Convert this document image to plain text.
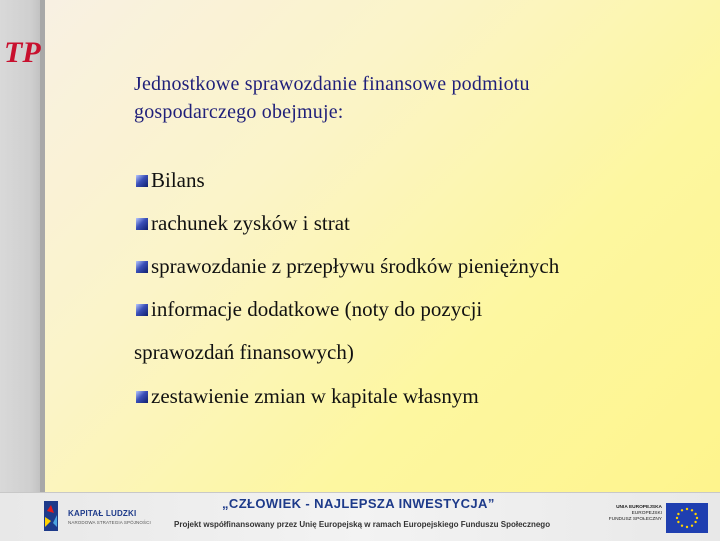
TP

Jednostkowe sprawozdanie finansowe podmiotu
gospodarczego obejmuje:

Bilans
rachunek zysków i strat
sprawozdanie z przepływu środków pieniężnych
informacje dodatkowe (noty do pozycji
sprawozdań finansowych)
zestawienie zmian w kapitale własnym
KAPITAŁ LUDZKI
NARODOWA STRATEGIA SPÓJNOŚCI
„CZŁOWIEK - NAJLEPSZA INWESTYCJA”
Projekt współfinansowany przez Unię Europejską w ramach Europejskiego Funduszu Społecznego
UNIA EUROPEJSKA
EUROPEJSKI
FUNDUSZ SPOŁECZNY
